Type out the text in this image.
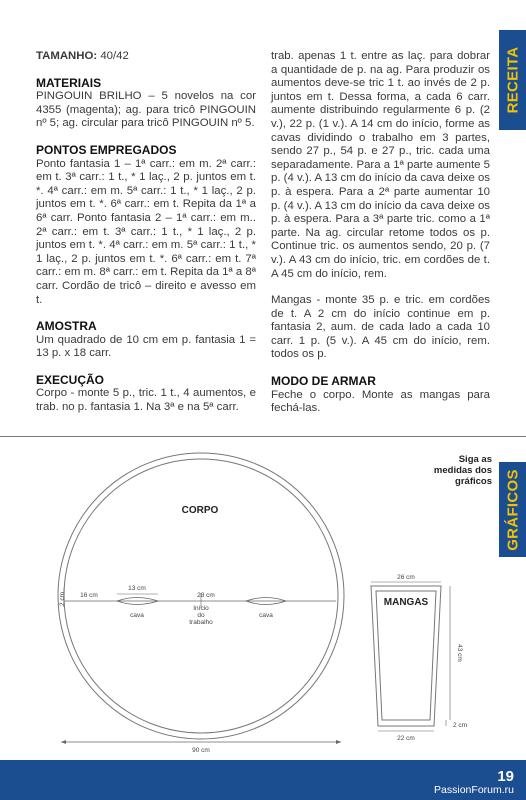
TAMANHO: 40/42

MATERIAIS

PINGOUIN BRILHO – 5 novelos na cor 4355 (magenta); ag. para tricô PINGOUIN nº 5; ag. circular para tricô PINGOUIN nº 5.

PONTOS EMPREGADOS

Ponto fantasia 1 – 1ª carr.: em m. 2ª carr.: em t. 3ª carr.: 1 t., * 1 laç., 2 p. juntos em t. *. 4ª carr.: em m. 5ª carr.: 1 t., * 1 laç., 2 p. juntos em t. *. 6ª carr.: em t. Repita da 1ª a 6ª carr. Ponto fantasia 2 – 1ª carr.: em m.. 2ª carr.: em t. 3ª carr.: 1 t., * 1 laç., 2 p. juntos em t. *. 4ª carr.: em m. 5ª carr.: 1 t., * 1 laç., 2 p. juntos em t. *. 6ª carr.: em t. 7ª carr.: em m. 8ª carr.: em t. Repita da 1ª a 8ª carr. Cordão de tricô – direito e avesso em t.

AMOSTRA

Um quadrado de 10 cm em p. fantasia 1 = 13 p. x 18 carr.

EXECUÇÃO

Corpo - monte 5 p., tric. 1 t., 4 aumentos, e trab. no p. fantasia 1. Na 3ª e na 5ª carr.

trab. apenas 1 t. entre as laç. para dobrar a quantidade de p. na ag. Para produzir os aumentos deve-se tric 1 t. ao invés de 2 p. juntos em t. Dessa forma, a cada 6 carr. aumente distribuindo regularmente 6 p. (2 v.), 22 p. (1 v.). A 14 cm do início, forme as cavas dividindo o trabalho em 3 partes, sendo 27 p., 54 p. e 27 p., tric. cada uma separadamente. Para a 1ª parte aumente 5 p. (4 v.). A 13 cm do início da cava deixe os p. à espera. Para a 2ª parte aumentar 10 p. (4 v.). A 13 cm do início da cava deixe os p. à espera. Para a 3ª parte tric. como a 1ª parte. Na ag. circular retome todos os p. Continue tric. os aumentos sendo, 20 p. (7 v.). A 43 cm do início, tric. em cordões de t. A 45 cm do início, rem.

Mangas - monte 35 p. e tric. em cordões de t. A 2 cm do início continue em p. fantasia 2, aum. de cada lado a cada 10 carr. 1 p. (5 v.). A 45 cm do início, rem. todos os p.

MODO DE ARMAR

Feche o corpo. Monte as mangas para fechá-las.

RECEITA
GRÁFICOS
Siga as
medidas dos
gráficos
CORPO
2 cm 16 cm
13 cm
28 cm
cava	cava
Início
do
trabalho
90 cm
MANGAS
26 cm
43 cm
22 cm
2 cm
19
PassionForum.ru
